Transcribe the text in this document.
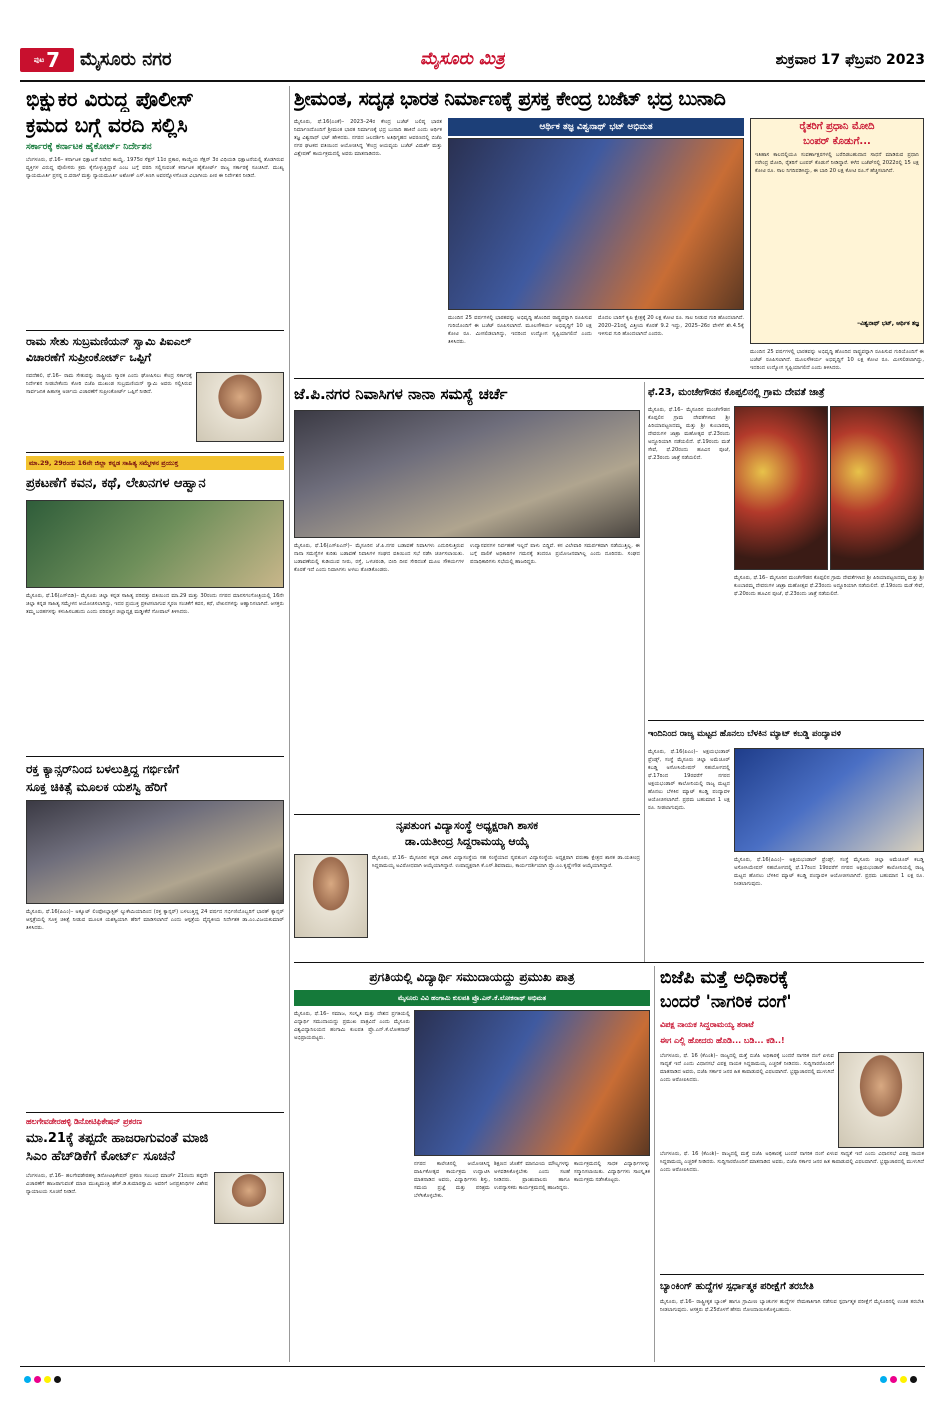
ಪುಟ 7 ಮೈಸೂರು ನಗರ	ಮೈಸೂರು ಮಿತ್ರ	ಶುಕ್ರವಾರ 17 ಫೆಬ್ರವರಿ 2023
ಭಿಕ್ಷುಕರ ವಿರುದ್ಧ ಪೊಲೀಸ್
ಕ್ರಮದ ಬಗ್ಗೆ ವರದಿ ಸಲ್ಲಿಸಿ
ಸರ್ಕಾರಕ್ಕೆ ಕರ್ನಾಟಕ ಹೈಕೋರ್ಟ್ ನಿರ್ದೇಶನ
ಬೆಂಗಳೂರು, ಫೆ.16– ಕರ್ನಾಟಕ ಭಿಕ್ಷಾಟನೆ ನಿಷೇಧ ಕಾಯ್ದೆ, 1975ರ ಸೆಕ್ಷನ್ 11ರ ಪ್ರಕಾರ, ಕಾಯ್ದೆಯ ಸೆಕ್ಷನ್ 3ರ ವಿಧಿಯಡಿ ಭಿಕ್ಷಾಟನೆಯಲ್ಲಿ ತೊಡಗಿರುವ ವ್ಯಕ್ತಿಗಳ ವಿರುದ್ಧ ಪೊಲೀಸರು ಕ್ರಮ ಕೈಗೊಳ್ಳುತ್ತಿದ್ದಾರೆ ಎಂಬ ಬಗ್ಗೆ ವರದಿ ಸಲ್ಲಿಸುವಂತೆ ಕರ್ನಾಟಕ ಹೈಕೋರ್ಟ್ ರಾಜ್ಯ ಸರ್ಕಾರಕ್ಕೆ ಸೂಚಿಸಿದೆ. ಮುಖ್ಯ ನ್ಯಾಯಮೂರ್ತಿ ಪ್ರಸನ್ನ ಬಿ.ವರಾಳೆ ಮತ್ತು ನ್ಯಾಯಮೂರ್ತಿ ಅಶೋಕ್ ಎಸ್.ಕಿಣಗಿ ಅವರನ್ನೊಳಗೊಂಡ ವಿಭಾಗೀಯ ಪೀಠ ಈ ನಿರ್ದೇಶನ ನೀಡಿದೆ.
ರಾಮ ಸೇತು ಸುಬ್ರಮಣಿಯನ್ ಸ್ವಾಮಿ ಪಿಐಎಲ್
ವಿಚಾರಣೆಗೆ ಸುಪ್ರೀಂಕೋರ್ಟ್ ಒಪ್ಪಿಗೆ
ನವದೆಹಲಿ, ಫೆ.16– ರಾಮ ಸೇತುವನ್ನು ರಾಷ್ಟ್ರೀಯ ಸ್ಮಾರಕ ಎಂದು ಘೋಷಿಸಲು ಕೇಂದ್ರ ಸರ್ಕಾರಕ್ಕೆ ನಿರ್ದೇಶನ ನೀಡಬೇಕೆಂದು ಕೋರಿ ಬಿಜೆಪಿ ಮುಖಂಡ ಸುಬ್ರಮಣಿಯನ್ ಸ್ವಾಮಿ ಅವರು ಸಲ್ಲಿಸಿರುವ ಸಾರ್ವಜನಿಕ ಹಿತಾಸಕ್ತಿ ಅರ್ಜಿಯ ವಿಚಾರಣೆಗೆ ಸುಪ್ರೀಂಕೋರ್ಟ್ ಒಪ್ಪಿಗೆ ನೀಡಿದೆ.
ಮಾ.29, 29ರಂದು 16ನೇ ಜಿಲ್ಲಾ ಕನ್ನಡ ಸಾಹಿತ್ಯ ಸಮ್ಮೇಳನ ಪ್ರಯುಕ್ತ
ಪ್ರಕಟಣೆಗೆ ಕವನ, ಕಥೆ, ಲೇಖನಗಳ ಆಹ್ವಾನ
ಮೈಸೂರು, ಫೆ.16(ಎಸ್‌ಬಿಡಿ)– ಮೈಸೂರು ಜಿಲ್ಲಾ ಕನ್ನಡ ಸಾಹಿತ್ಯ ಪರಿಷತ್ತು ವತಿಯಿಂದ ಮಾ.29 ಮತ್ತು 30ರಂದು ನಗರದ ಮಾನಸಗಂಗೋತ್ರಿಯಲ್ಲಿ 16ನೇ ಜಿಲ್ಲಾ ಕನ್ನಡ ಸಾಹಿತ್ಯ ಸಮ್ಮೇಳನ ಆಯೋಜಿಸಲಾಗಿದ್ದು, ಇದರ ಪ್ರಯುಕ್ತ ಪ್ರಕಟಿಸಲಾಗುವ ಸ್ಮರಣ ಸಂಚಿಕೆಗೆ ಕವನ, ಕಥೆ, ಲೇಖನಗಳನ್ನು ಆಹ್ವಾನಿಸಲಾಗಿದೆ. ಆಸಕ್ತರು ತಮ್ಮ ಬರಹಗಳನ್ನು ಕಳುಹಿಸಬಹುದು ಎಂದು ಪರಿಷತ್ತಿನ ಜಿಲ್ಲಾಧ್ಯಕ್ಷ ಮಡ್ಡೀಕೆರೆ ಗೋಪಾಲ್ ತಿಳಿಸಿದರು.
ರಕ್ತ ಕ್ಯಾನ್ಸರ್‌ನಿಂದ ಬಳಲುತ್ತಿದ್ದ ಗರ್ಭಿಣಿಗೆ
ಸೂಕ್ತ ಚಿಕಿತ್ಸೆ ಮೂಲಕ ಯಶಸ್ವಿ ಹೆರಿಗೆ
ಮೈಸೂರು, ಫೆ.16(ಪಿಎಂ)– ಅಕ್ಯೂಟ್ ಲಿಂಫೋಬ್ಲಾಸ್ಟಿಕ್ ಲ್ಯುಕೇಮಿಯಾದಿಂದ (ರಕ್ತ ಕ್ಯಾನ್ಸರ್) ಬಳಲುತ್ತಿದ್ದ 24 ವರ್ಷದ ಗರ್ಭಿಣಿಯೊಬ್ಬರಿಗೆ ಭಾರತ್ ಕ್ಯಾನ್ಸರ್ ಆಸ್ಪತ್ರೆಯಲ್ಲಿ ಸೂಕ್ತ ಚಿಕಿತ್ಸೆ ನೀಡುವ ಮೂಲಕ ಯಶಸ್ವಿಯಾಗಿ ಹೆರಿಗೆ ಮಾಡಿಸಲಾಗಿದೆ ಎಂದು ಆಸ್ಪತ್ರೆಯ ವೈದ್ಯಕೀಯ ನಿರ್ದೇಶಕ ಡಾ.ಎಂ.ವಿಜಯಕುಮಾರ್ ತಿಳಿಸಿದರು.
ಹಲಗೇವಡೇರಹಳ್ಳಿ ಡಿನೋಟಿಫಿಕೇಷನ್ ಪ್ರಕರಣ
ಮಾ.21ಕ್ಕೆ ತಪ್ಪದೇ ಹಾಜರಾಗುವಂತೆ ಮಾಜಿ
ಸಿಎಂ ಹೆಚ್‌ಡಿಕೆಗೆ ಕೋರ್ಟ್ ಸೂಚನೆ
ಬೆಂಗಳೂರು, ಫೆ.16– ಹಲಗೇವಡೇರಹಳ್ಳಿ ಡಿನೋಟಿಫಿಕೇಷನ್ ಪ್ರಕರಣ ಸಂಬಂಧ ಮಾರ್ಚ್ 21ರಂದು ತಪ್ಪದೇ ವಿಚಾರಣೆಗೆ ಹಾಜರಾಗುವಂತೆ ಮಾಜಿ ಮುಖ್ಯಮಂತ್ರಿ ಹೆಚ್.ಡಿ.ಕುಮಾರಸ್ವಾಮಿ ಅವರಿಗೆ ಜನಪ್ರತಿನಿಧಿಗಳ ವಿಶೇಷ ನ್ಯಾಯಾಲಯ ಸೂಚನೆ ನೀಡಿದೆ.
ಶ್ರೀಮಂತ, ಸದೃಢ ಭಾರತ ನಿರ್ಮಾಣಕ್ಕೆ ಪ್ರಸಕ್ತ ಕೇಂದ್ರ ಬಜೆಟ್ ಭದ್ರ ಬುನಾದಿ
ಮೈಸೂರು, ಫೆ.16(ಎಂಕೆ)– 2023–24ರ ಕೇಂದ್ರ ಬಜೆಟ್ ಬಲಿಷ್ಠ ಭಾರತ ನಿರ್ಮಾಣದೊಂದಿಗೆ ಶ್ರೀಮಂತ ಭಾರತ ನಿರ್ಮಾಣಕ್ಕೆ ಭದ್ರ ಬುನಾದಿ ಹಾಕಿದೆ ಎಂದು ಆರ್ಥಿಕ ತಜ್ಞ ವಿಶ್ವನಾಥ್ ಭಟ್ ಹೇಳಿದರು. ನಗರದ ಜಲದರ್ಶಿನಿ ಅತಿಥಿಗೃಹದ ಆವರಣದಲ್ಲಿ ಬಿಜೆಪಿ ನಗರ ಘಟಕದ ವತಿಯಿಂದ ಆಯೋಜಿಸಿದ್ದ 'ಕೇಂದ್ರ ಆಯವ್ಯಯ ಬಜೆಟ್ ವಿಮರ್ಶೆ ಮತ್ತು ವಿಶ್ಲೇಷಣೆ' ಕಾರ್ಯಕ್ರಮದಲ್ಲಿ ಅವರು ಮಾತನಾಡಿದರು.
ಆರ್ಥಿಕ ತಜ್ಞ ವಿಶ್ವನಾಥ್ ಭಟ್ ಅಭಿಮತ
ಮುಂದಿನ 25 ವರ್ಷಗಳಲ್ಲಿ ಭಾರತವನ್ನು ಅಭಿವೃದ್ಧಿ ಹೊಂದಿದ ರಾಷ್ಟ್ರವನ್ನಾಗಿ ರೂಪಿಸುವ ಗುರಿಯೊಂದಿಗೆ ಈ ಬಜೆಟ್ ರೂಪಿಸಲಾಗಿದೆ. ಮೂಲಸೌಕರ್ಯ ಅಭಿವೃದ್ಧಿಗೆ 10 ಲಕ್ಷ ಕೋಟಿ ರೂ. ಮೀಸಲಿಡಲಾಗಿದ್ದು, ಇದರಿಂದ ಉದ್ಯೋಗ ಸೃಷ್ಟಿಯಾಗಲಿದೆ ಎಂದು ತಿಳಿಸಿದರು.
ಮೊದಲ ಬಾರಿಗೆ ಕೃಷಿ ಕ್ಷೇತ್ರಕ್ಕೆ 20 ಲಕ್ಷ ಕೋಟಿ ರೂ. ಸಾಲ ನೀಡುವ ಗುರಿ ಹೊಂದಲಾಗಿದೆ. 2020–21ರಲ್ಲಿ ವಿತ್ತೀಯ ಕೊರತೆ 9.2 ಇದ್ದು, 2025–26ರ ವೇಳೆಗೆ ಶೇ.4.5ಕ್ಕೆ ಇಳಿಸುವ ಗುರಿ ಹೊಂದಲಾಗಿದೆ ಎಂದರು.
ರೈತರಿಗೆ ಪ್ರಧಾನಿ ಮೋದಿ
ಬಂಪರ್ ಕೊಡುಗೆ...
ಇತಿಹಾಸ ಕಾಲದಲ್ಲಿಯೂ ಸುವರ್ಣಾಕ್ಷರಗಳಲ್ಲಿ ಬರೆದಿಡಬಹುದಾದ ಸಾಧನೆ ಮಾಡಿರುವ ಪ್ರಧಾನಿ ನರೇಂದ್ರ ಮೋದಿ, ರೈತರಿಗೆ ಬಂಪರ್ ಕೊಡುಗೆ ನೀಡಿದ್ದಾರೆ. ಕಳೆದ ಬಜೆಟ್‌ನಲ್ಲಿ 2022ರಲ್ಲಿ 15 ಲಕ್ಷ ಕೋಟಿ ರೂ. ಸಾಲ ನಿಗದಿಪಡಿಸಿದ್ದು, ಈ ಬಾರಿ 20 ಲಕ್ಷ ಕೋಟಿ ರೂ.ಗೆ ಹೆಚ್ಚಿಸಲಾಗಿದೆ.
–ವಿಶ್ವನಾಥ್ ಭಟ್, ಆರ್ಥಿಕ ತಜ್ಞ
ಮುಂದಿನ 25 ವರ್ಷಗಳಲ್ಲಿ ಭಾರತವನ್ನು ಅಭಿವೃದ್ಧಿ ಹೊಂದಿದ ರಾಷ್ಟ್ರವನ್ನಾಗಿ ರೂಪಿಸುವ ಗುರಿಯೊಂದಿಗೆ ಈ ಬಜೆಟ್ ರೂಪಿಸಲಾಗಿದೆ. ಮೂಲಸೌಕರ್ಯ ಅಭಿವೃದ್ಧಿಗೆ 10 ಲಕ್ಷ ಕೋಟಿ ರೂ. ಮೀಸಲಿಡಲಾಗಿದ್ದು, ಇದರಿಂದ ಉದ್ಯೋಗ ಸೃಷ್ಟಿಯಾಗಲಿದೆ ಎಂದು ತಿಳಿಸಿದರು.
ಜೆ.ಪಿ.ನಗರ ನಿವಾಸಿಗಳ ನಾನಾ ಸಮಸ್ಯೆ ಚರ್ಚೆ
ಮೈಸೂರು, ಫೆ.16(ಎಸ್‌ಪಿಎನ್)– ಮೈಸೂರಿನ ಜೆ.ಪಿ.ನಗರ ಬಡಾವಣೆ ನಿವಾಸಿಗಳು ಎದುರಿಸುತ್ತಿರುವ ನಾನಾ ಸಮಸ್ಯೆಗಳ ಕುರಿತು ಬಡಾವಣೆ ನಿವಾಸಿಗಳ ಸಂಘದ ವತಿಯಿಂದ ಸಭೆ ನಡೆಸಿ ಚರ್ಚಿಸಲಾಯಿತು. ಬಡಾವಣೆಯಲ್ಲಿ ಕುಡಿಯುವ ನೀರು, ರಸ್ತೆ, ಒಳಚರಂಡಿ, ಬೀದಿ ದೀಪ ಸೇರಿದಂತೆ ಮೂಲ ಸೌಕರ್ಯಗಳ ಕೊರತೆ ಇದೆ ಎಂದು ನಿವಾಸಿಗಳು ಅಳಲು ತೋಡಿಕೊಂಡರು.
ಉದ್ಯಾನವನಗಳ ನಿರ್ವಹಣೆ ಇಲ್ಲದೆ ಪಾಳು ಬಿದ್ದಿವೆ. ಕಸ ವಿಲೇವಾರಿ ಸಮರ್ಪಕವಾಗಿ ನಡೆಯುತ್ತಿಲ್ಲ. ಈ ಬಗ್ಗೆ ಪಾಲಿಕೆ ಅಧಿಕಾರಿಗಳ ಗಮನಕ್ಕೆ ತಂದರೂ ಪ್ರಯೋಜನವಾಗಿಲ್ಲ ಎಂದು ದೂರಿದರು. ಸಂಘದ ಪದಾಧಿಕಾರಿಗಳು ಸಭೆಯಲ್ಲಿ ಹಾಜರಿದ್ದರು.
ನೃಪತುಂಗ ವಿದ್ಯಾಸಂಸ್ಥೆ ಅಧ್ಯಕ್ಷರಾಗಿ ಶಾಸಕ
ಡಾ.ಯತೀಂದ್ರ ಸಿದ್ದರಾಮಯ್ಯ ಆಯ್ಕೆ
ಮೈಸೂರು, ಫೆ.16– ಮೈಸೂರಿನ ಕನ್ನಡ ವಿಕಾಸ ವಿದ್ಯಾಸಂಸ್ಥೆಯ ಸಹ ಸಂಸ್ಥೆಯಾದ ನೃಪತುಂಗ ವಿದ್ಯಾಸಂಸ್ಥೆಯ ಅಧ್ಯಕ್ಷರಾಗಿ ವರುಣಾ ಕ್ಷೇತ್ರದ ಶಾಸಕ ಡಾ.ಯತೀಂದ್ರ ಸಿದ್ದರಾಮಯ್ಯ ಅವಿರೋಧವಾಗಿ ಆಯ್ಕೆಯಾಗಿದ್ದಾರೆ. ಉಪಾಧ್ಯಕ್ಷರಾಗಿ ಕೆ.ಎಸ್.ಶಿವರಾಮು, ಕಾರ್ಯದರ್ಶಿಯಾಗಿ ಪ್ರೊ.ಎಂ.ಕೃಷ್ಣೇಗೌಡ ಆಯ್ಕೆಯಾಗಿದ್ದಾರೆ.
ಫೆ.23, ಮಂಚೇಗೌಡನ ಕೊಪ್ಪಲಿನಲ್ಲಿ ಗ್ರಾಮ ದೇವತೆ ಜಾತ್ರೆ
ಮೈಸೂರು, ಫೆ.16– ಮೈಸೂರಿನ ಮಂಚೇಗೌಡನ ಕೊಪ್ಪಲಿನ ಗ್ರಾಮ ದೇವತೆಗಳಾದ ಶ್ರೀ ಪಿರಿಯಾಪಟ್ಟಣದಮ್ಮ ಮತ್ತು ಶ್ರೀ ಕುಂಬಾರಮ್ಮ ದೇವರುಗಳ ಜಾತ್ರಾ ಮಹೋತ್ಸವ ಫೆ.23ರಂದು ಅದ್ಧೂರಿಯಾಗಿ ನಡೆಯಲಿದೆ. ಫೆ.19ರಂದು ಮಡೆ ಸೇವೆ, ಫೆ.20ರಂದು ಹೂವಿನ ಪೂಜೆ, ಫೆ.23ರಂದು ಜಾತ್ರೆ ನಡೆಯಲಿದೆ.
ಮೈಸೂರು, ಫೆ.16– ಮೈಸೂರಿನ ಮಂಚೇಗೌಡನ ಕೊಪ್ಪಲಿನ ಗ್ರಾಮ ದೇವತೆಗಳಾದ ಶ್ರೀ ಪಿರಿಯಾಪಟ್ಟಣದಮ್ಮ ಮತ್ತು ಶ್ರೀ ಕುಂಬಾರಮ್ಮ ದೇವರುಗಳ ಜಾತ್ರಾ ಮಹೋತ್ಸವ ಫೆ.23ರಂದು ಅದ್ಧೂರಿಯಾಗಿ ನಡೆಯಲಿದೆ. ಫೆ.19ರಂದು ಮಡೆ ಸೇವೆ, ಫೆ.20ರಂದು ಹೂವಿನ ಪೂಜೆ, ಫೆ.23ರಂದು ಜಾತ್ರೆ ನಡೆಯಲಿದೆ.
ಇಂದಿನಿಂದ ರಾಜ್ಯ ಮಟ್ಟದ ಹೊನಲು ಬೆಳಕಿನ ಮ್ಯಾಟ್ ಕಬಡ್ಡಿ ಪಂದ್ಯಾವಳಿ
ಮೈಸೂರು, ಫೆ.16(ಪಿಎಂ)– ಅಕ್ಷಯಭಂಡಾರ್ ಫ್ರೆಂಡ್ಸ್, ಸಂಸ್ಥೆ ಮೈಸೂರು ಜಿಲ್ಲಾ ಅಮೆಚೂರ್ ಕಬಡ್ಡಿ ಅಸೋಸಿಯೇಷನ್ ಸಹಯೋಗದಲ್ಲಿ ಫೆ.17ರಿಂದ 19ರವರೆಗೆ ನಗರದ ಅಕ್ಷಯಭಂಡಾರ್ ಕಾಲೋನಿಯಲ್ಲಿ ರಾಜ್ಯ ಮಟ್ಟದ ಹೊನಲು ಬೆಳಕಿನ ಮ್ಯಾಟ್ ಕಬಡ್ಡಿ ಪಂದ್ಯಾವಳಿ ಆಯೋಜಿಸಲಾಗಿದೆ. ಪ್ರಥಮ ಬಹುಮಾನ 1 ಲಕ್ಷ ರೂ. ನೀಡಲಾಗುವುದು.
ಮೈಸೂರು, ಫೆ.16(ಪಿಎಂ)– ಅಕ್ಷಯಭಂಡಾರ್ ಫ್ರೆಂಡ್ಸ್, ಸಂಸ್ಥೆ ಮೈಸೂರು ಜಿಲ್ಲಾ ಅಮೆಚೂರ್ ಕಬಡ್ಡಿ ಅಸೋಸಿಯೇಷನ್ ಸಹಯೋಗದಲ್ಲಿ ಫೆ.17ರಿಂದ 19ರವರೆಗೆ ನಗರದ ಅಕ್ಷಯಭಂಡಾರ್ ಕಾಲೋನಿಯಲ್ಲಿ ರಾಜ್ಯ ಮಟ್ಟದ ಹೊನಲು ಬೆಳಕಿನ ಮ್ಯಾಟ್ ಕಬಡ್ಡಿ ಪಂದ್ಯಾವಳಿ ಆಯೋಜಿಸಲಾಗಿದೆ. ಪ್ರಥಮ ಬಹುಮಾನ 1 ಲಕ್ಷ ರೂ. ನೀಡಲಾಗುವುದು.
ಪ್ರಗತಿಯಲ್ಲಿ ವಿದ್ಯಾರ್ಥಿ ಸಮುದಾಯದ್ದು ಪ್ರಮುಖ ಪಾತ್ರ
ಮೈಸೂರು ವಿವಿ ಹಂಗಾಮಿ ಕುಲಪತಿ ಪ್ರೊ.ಎನ್.ಕೆ.ಲೋಕನಾಥ್ ಅಭಿಮತ
ಮೈಸೂರು, ಫೆ.16– ಸಮಾಜ, ಸಂಸ್ಕೃತಿ ಮತ್ತು ದೇಶದ ಪ್ರಗತಿಯಲ್ಲಿ ವಿದ್ಯಾರ್ಥಿ ಸಮುದಾಯದ್ದು ಪ್ರಮುಖ ಪಾತ್ರವಿದೆ ಎಂದು ಮೈಸೂರು ವಿಶ್ವವಿದ್ಯಾನಿಲಯದ ಹಂಗಾಮಿ ಕುಲಪತಿ ಪ್ರೊ.ಎನ್.ಕೆ.ಲೋಕನಾಥ್ ಅಭಿಪ್ರಾಯಪಟ್ಟರು.
ನಗರದ ಕಾಲೇಜಿನಲ್ಲಿ ಆಯೋಜಿಸಿದ್ದ ವಾರ್ಷಿಕೋತ್ಸವ ಕಾರ್ಯಕ್ರಮ ಉದ್ಘಾಟಿಸಿ ಮಾತನಾಡಿದ ಅವರು, ವಿದ್ಯಾರ್ಥಿಗಳು ಶಿಸ್ತು, ಸಮಯ ಪ್ರಜ್ಞೆ ಮತ್ತು ಪರಿಶ್ರಮ ಬೆಳೆಸಿಕೊಳ್ಳಬೇಕು.
ಶಿಕ್ಷಣದ ಜೊತೆಗೆ ಮಾನವೀಯ ಮೌಲ್ಯಗಳನ್ನು ಅಳವಡಿಸಿಕೊಳ್ಳಬೇಕು ಎಂದು ಸಲಹೆ ನೀಡಿದರು. ಪ್ರಾಂಶುಪಾಲರು ಹಾಗೂ ಉಪನ್ಯಾಸಕರು ಕಾರ್ಯಕ್ರಮದಲ್ಲಿ ಹಾಜರಿದ್ದರು.
ಕಾರ್ಯಕ್ರಮದಲ್ಲಿ ಸಾಧಕ ವಿದ್ಯಾರ್ಥಿಗಳನ್ನು ಸನ್ಮಾನಿಸಲಾಯಿತು. ವಿದ್ಯಾರ್ಥಿಗಳು ಸಾಂಸ್ಕೃತಿಕ ಕಾರ್ಯಕ್ರಮ ನಡೆಸಿಕೊಟ್ಟರು.
ಬಿಜೆಪಿ ಮತ್ತೆ ಅಧಿಕಾರಕ್ಕೆ
ಬಂದರೆ 'ನಾಗರಿಕ ದಂಗೆ'
ವಿಪಕ್ಷ ನಾಯಕ ಸಿದ್ದರಾಮಯ್ಯ ತರಾಟೆ
ಈಗ ಎಲ್ಲಿ ಹೋದರು ಹೊಡಿ... ಬಡಿ... ಕಡಿ..!
ಬೆಂಗಳೂರು, ಫೆ. 16 (ಕೆಎಂಶಿ)– ರಾಜ್ಯದಲ್ಲಿ ಮತ್ತೆ ಬಿಜೆಪಿ ಅಧಿಕಾರಕ್ಕೆ ಬಂದರೆ ನಾಗರಿಕ ದಂಗೆ ಏಳುವ ಸಾಧ್ಯತೆ ಇದೆ ಎಂದು ವಿಧಾನಸಭೆ ವಿಪಕ್ಷ ನಾಯಕ ಸಿದ್ದರಾಮಯ್ಯ ಎಚ್ಚರಿಕೆ ನೀಡಿದರು. ಸುದ್ದಿಗಾರರೊಂದಿಗೆ ಮಾತನಾಡಿದ ಅವರು, ಬಿಜೆಪಿ ಸರ್ಕಾರ ಜನರ ಹಿತ ಕಾಪಾಡುವಲ್ಲಿ ವಿಫಲವಾಗಿದೆ. ಭ್ರಷ್ಟಾಚಾರದಲ್ಲಿ ಮುಳುಗಿದೆ ಎಂದು ಆರೋಪಿಸಿದರು.
ಬೆಂಗಳೂರು, ಫೆ. 16 (ಕೆಎಂಶಿ)– ರಾಜ್ಯದಲ್ಲಿ ಮತ್ತೆ ಬಿಜೆಪಿ ಅಧಿಕಾರಕ್ಕೆ ಬಂದರೆ ನಾಗರಿಕ ದಂಗೆ ಏಳುವ ಸಾಧ್ಯತೆ ಇದೆ ಎಂದು ವಿಧಾನಸಭೆ ವಿಪಕ್ಷ ನಾಯಕ ಸಿದ್ದರಾಮಯ್ಯ ಎಚ್ಚರಿಕೆ ನೀಡಿದರು. ಸುದ್ದಿಗಾರರೊಂದಿಗೆ ಮಾತನಾಡಿದ ಅವರು, ಬಿಜೆಪಿ ಸರ್ಕಾರ ಜನರ ಹಿತ ಕಾಪಾಡುವಲ್ಲಿ ವಿಫಲವಾಗಿದೆ. ಭ್ರಷ್ಟಾಚಾರದಲ್ಲಿ ಮುಳುಗಿದೆ ಎಂದು ಆರೋಪಿಸಿದರು.
ಬ್ಯಾಂಕಿಂಗ್ ಹುದ್ದೆಗಳ ಸ್ಪರ್ಧಾತ್ಮಕ ಪರೀಕ್ಷೆಗೆ ತರಬೇತಿ
ಮೈಸೂರು, ಫೆ.16– ರಾಷ್ಟ್ರೀಕೃತ ಬ್ಯಾಂಕ್ ಹಾಗೂ ಗ್ರಾಮೀಣ ಬ್ಯಾಂಕುಗಳ ಹುದ್ದೆಗಳ ನೇಮಕಾತಿಗಾಗಿ ನಡೆಸುವ ಸ್ಪರ್ಧಾತ್ಮಕ ಪರೀಕ್ಷೆಗೆ ಮೈಸೂರಿನಲ್ಲಿ ಉಚಿತ ತರಬೇತಿ ನೀಡಲಾಗುವುದು. ಆಸಕ್ತರು ಫೆ.25ರೊಳಗೆ ಹೆಸರು ನೋಂದಾಯಿಸಿಕೊಳ್ಳಬಹುದು.
